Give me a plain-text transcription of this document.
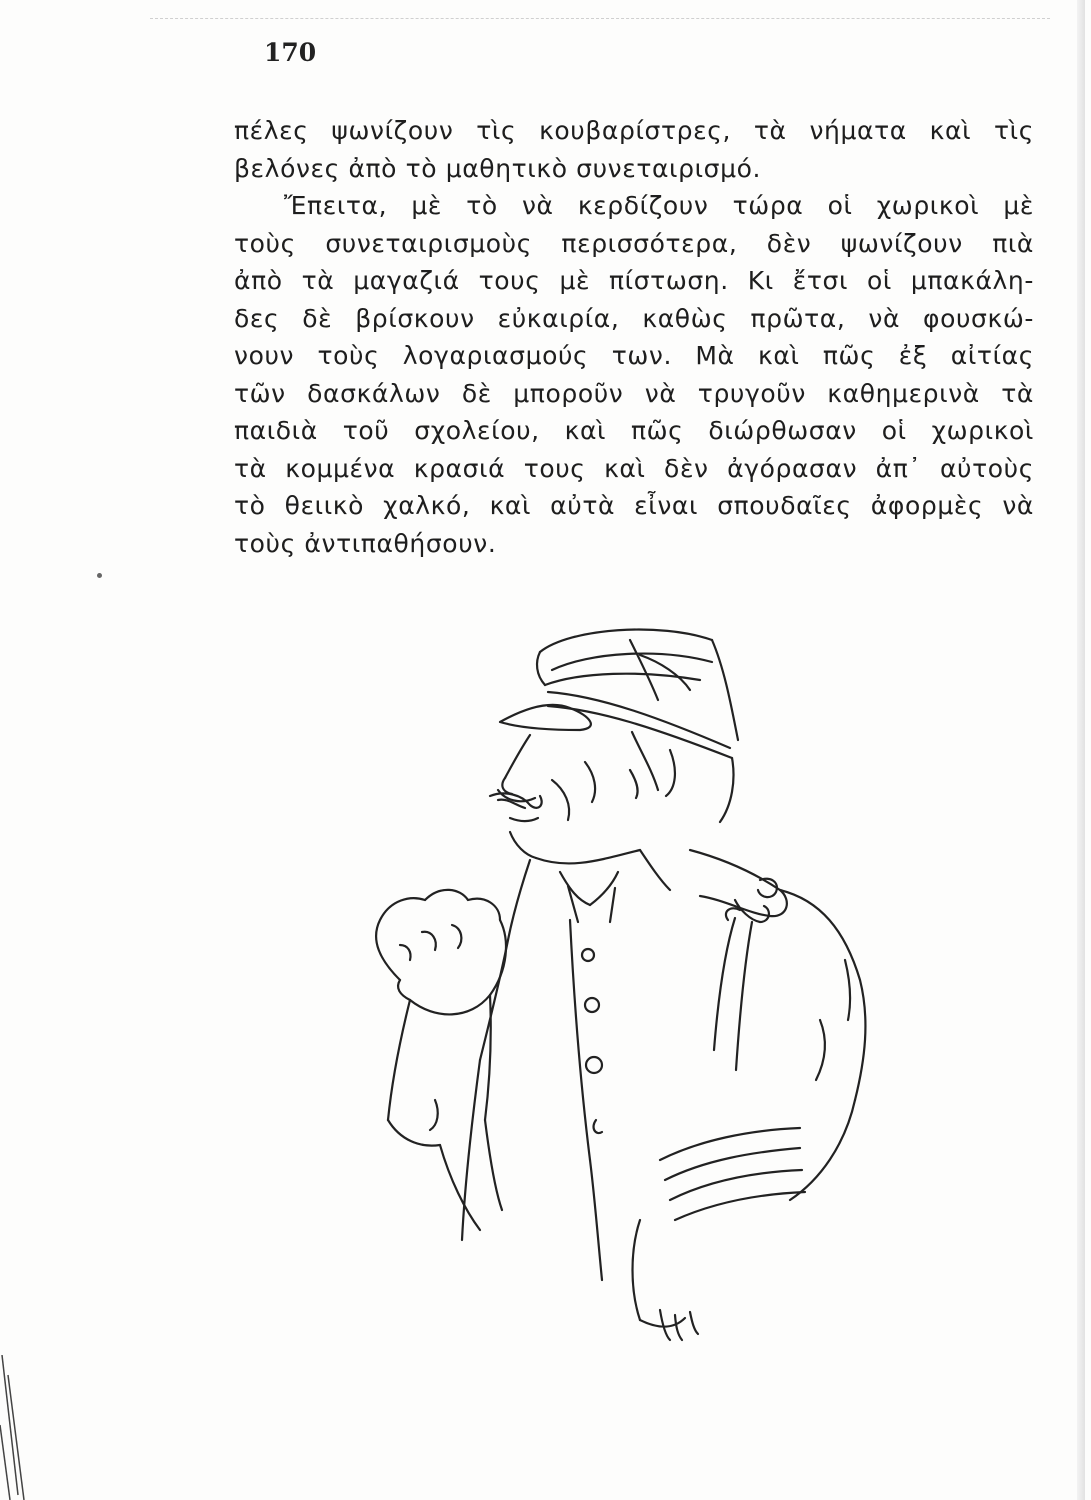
170
πέλες ψωνίζουν τὶς κουβαρίστρες, τὰ νήματα καὶ τὶς
βελόνες ἀπὸ τὸ μαθητικὸ συνεταιρισμό.
Ἔπειτα, μὲ τὸ νὰ κερδίζουν τώρα οἱ χωρικοὶ μὲ
τοὺς συνεταιρισμοὺς περισσότερα, δὲν ψωνίζουν πιὰ
ἀπὸ τὰ μαγαζιά τους μὲ πίστωση. Κι ἔτσι οἱ μπακάλη-
δες δὲ βρίσκουν εὐκαιρία, καθὼς πρῶτα, νὰ φουσκώ-
νουν τοὺς λογαριασμούς των. Μὰ καὶ πῶς ἐξ αἰτίας
τῶν δασκάλων δὲ μποροῦν νὰ τρυγοῦν καθημερινὰ τὰ
παιδιὰ τοῦ σχολείου, καὶ πῶς διώρθωσαν οἱ χωρικοὶ
τὰ κομμένα κρασιά τους καὶ δὲν ἀγόρασαν ἀπ᾿ αὐτοὺς
τὸ θειικὸ χαλκό, καὶ αὐτὰ εἶναι σπουδαῖες ἀφορμὲς νὰ
τοὺς ἀντιπαθήσουν.
